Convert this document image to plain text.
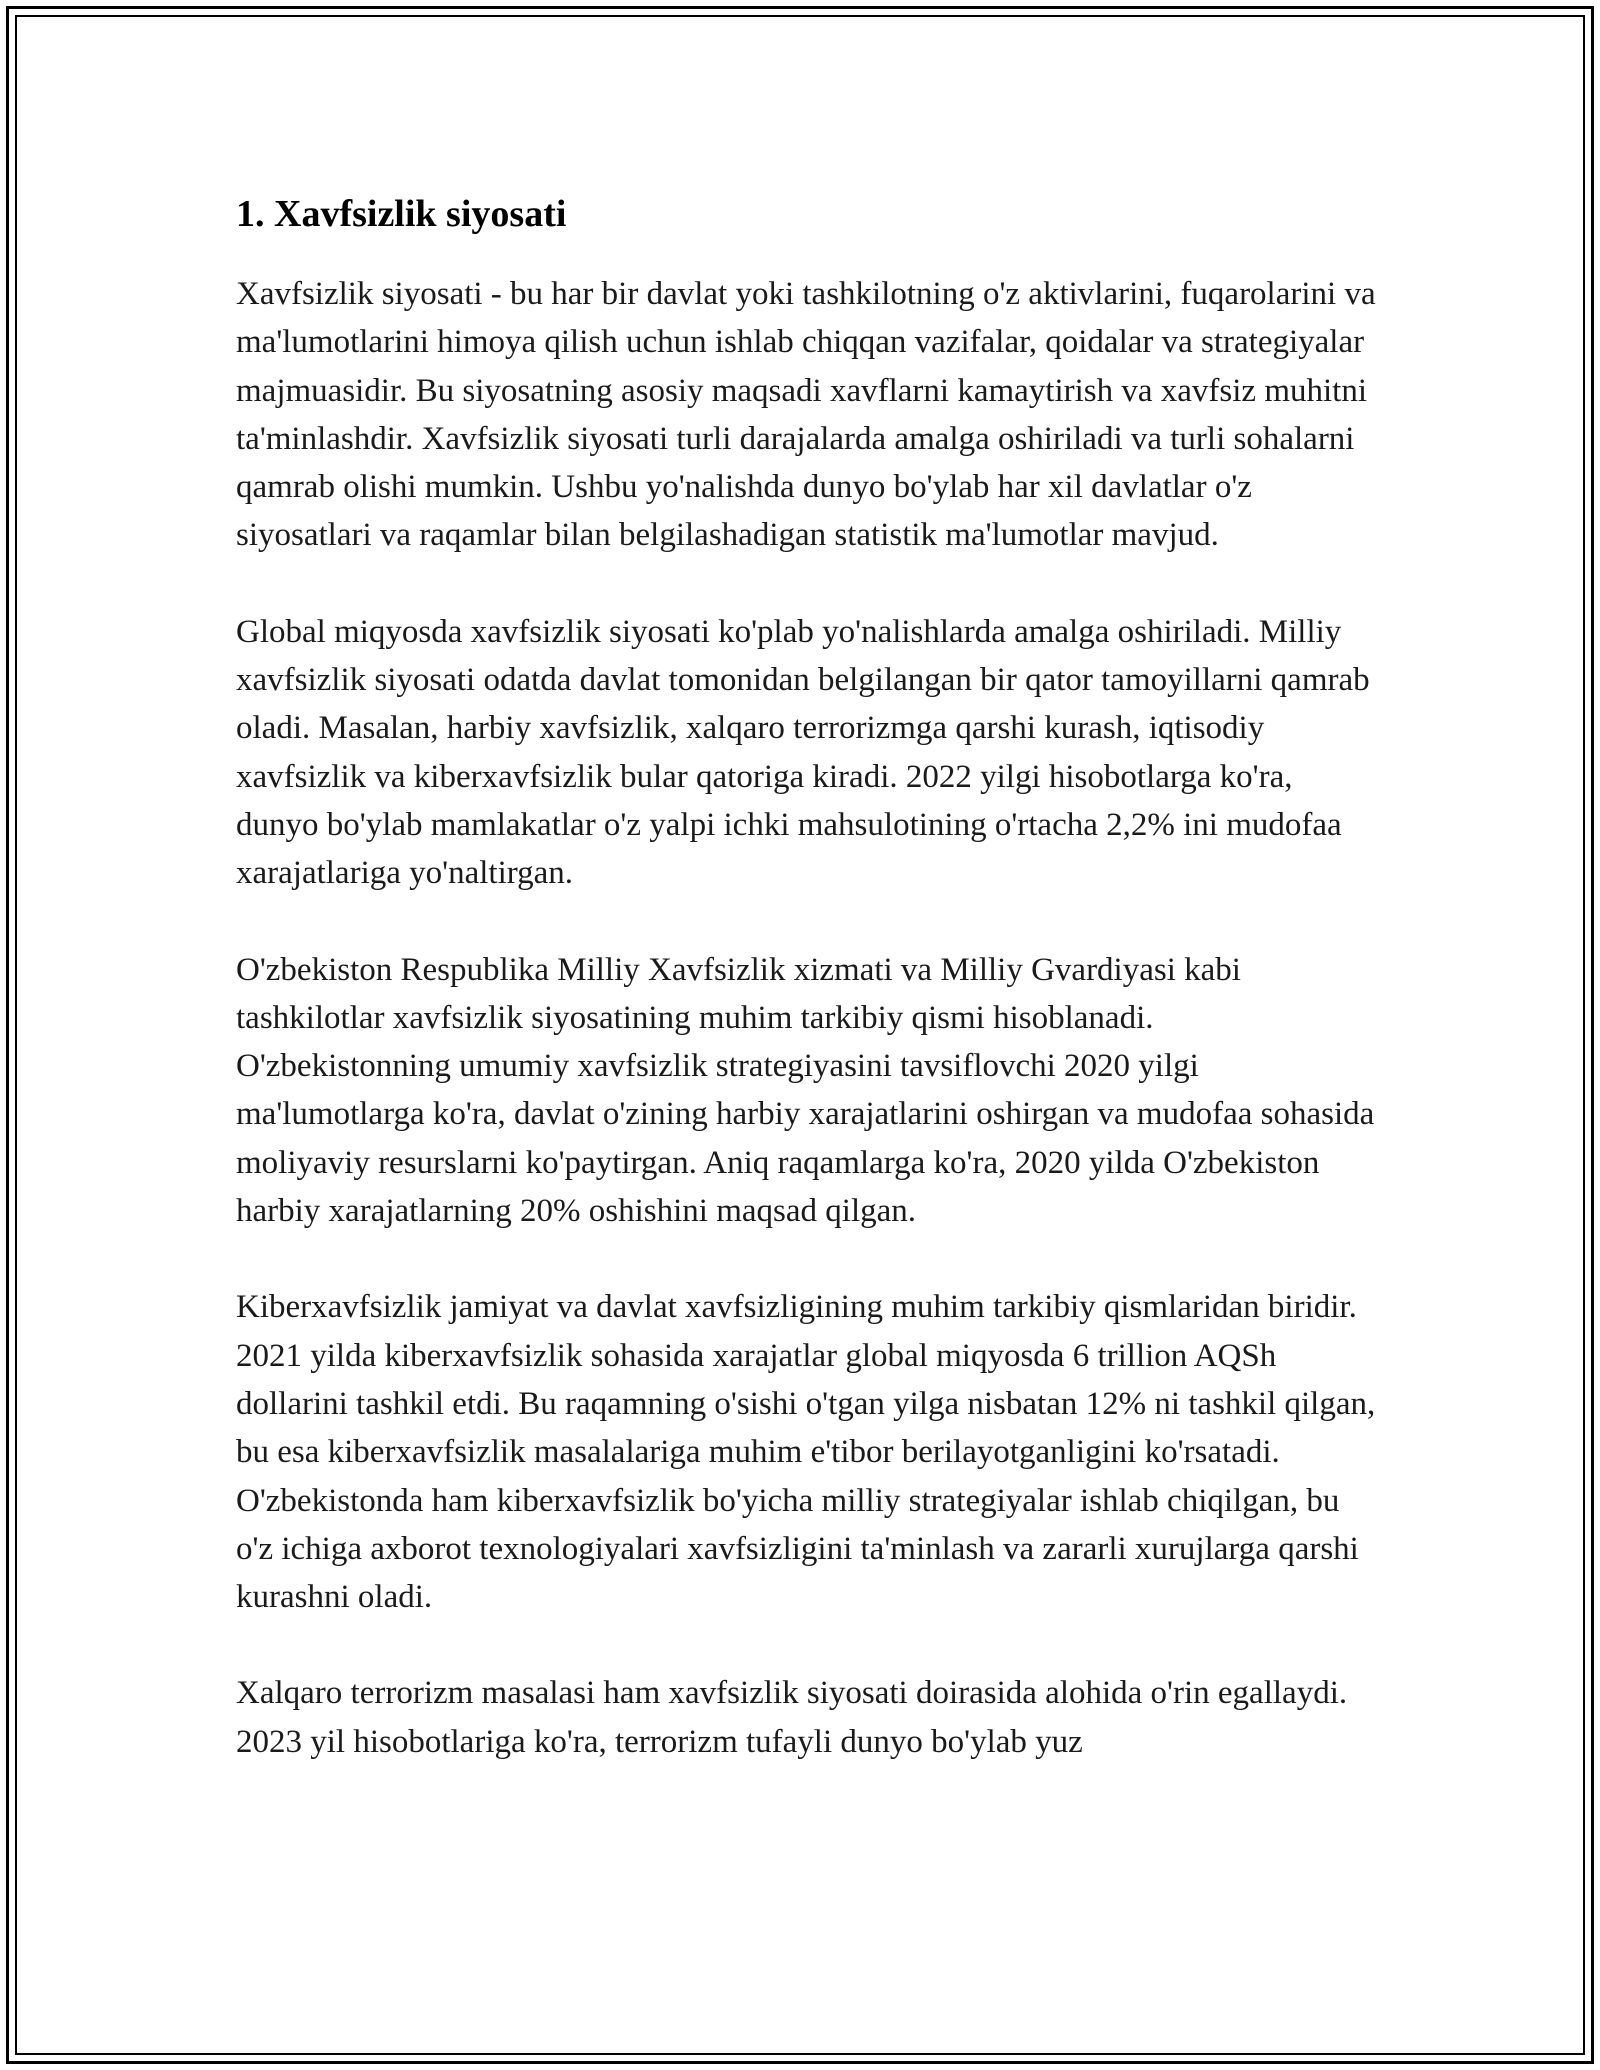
1. Xavfsizlik siyosati

Xavfsizlik siyosati - bu har bir davlat yoki tashkilotning o'z aktivlarini, fuqarolarini va ma'lumotlarini himoya qilish uchun ishlab chiqqan vazifalar, qoidalar va strategiyalar majmuasidir. Bu siyosatning asosiy maqsadi xavflarni kamaytirish va xavfsiz muhitni ta'minlashdir. Xavfsizlik siyosati turli darajalarda amalga oshiriladi va turli sohalarni qamrab olishi mumkin. Ushbu yo'nalishda dunyo bo'ylab har xil davlatlar o'z siyosatlari va raqamlar bilan belgilashadigan statistik ma'lumotlar mavjud.

Global miqyosda xavfsizlik siyosati ko'plab yo'nalishlarda amalga oshiriladi. Milliy xavfsizlik siyosati odatda davlat tomonidan belgilangan bir qator tamoyillarni qamrab oladi. Masalan, harbiy xavfsizlik, xalqaro terrorizmga qarshi kurash, iqtisodiy xavfsizlik va kiberxavfsizlik bular qatoriga kiradi. 2022 yilgi hisobotlarga ko'ra, dunyo bo'ylab mamlakatlar o'z yalpi ichki mahsulotining o'rtacha 2,2% ini mudofaa xarajatlariga yo'naltirgan.

O'zbekiston Respublika Milliy Xavfsizlik xizmati va Milliy Gvardiyasi kabi tashkilotlar xavfsizlik siyosatining muhim tarkibiy qismi hisoblanadi. O'zbekistonning umumiy xavfsizlik strategiyasini tavsiflovchi 2020 yilgi ma'lumotlarga ko'ra, davlat o'zining harbiy xarajatlarini oshirgan va mudofaa sohasida moliyaviy resurslarni ko'paytirgan. Aniq raqamlarga ko'ra, 2020 yilda O'zbekiston harbiy xarajatlarning 20% oshishini maqsad qilgan.

Kiberxavfsizlik jamiyat va davlat xavfsizligining muhim tarkibiy qismlaridan biridir. 2021 yilda kiberxavfsizlik sohasida xarajatlar global miqyosda 6 trillion AQSh dollarini tashkil etdi. Bu raqamning o'sishi o'tgan yilga nisbatan 12% ni tashkil qilgan, bu esa kiberxavfsizlik masalalariga muhim e'tibor berilayotganligini ko'rsatadi. O'zbekistonda ham kiberxavfsizlik bo'yicha milliy strategiyalar ishlab chiqilgan, bu o'z ichiga axborot texnologiyalari xavfsizligini ta'minlash va zararli xurujlarga qarshi kurashni oladi.

Xalqaro terrorizm masalasi ham xavfsizlik siyosati doirasida alohida o'rin egallaydi. 2023 yil hisobotlariga ko'ra, terrorizm tufayli dunyo bo'ylab yuz
